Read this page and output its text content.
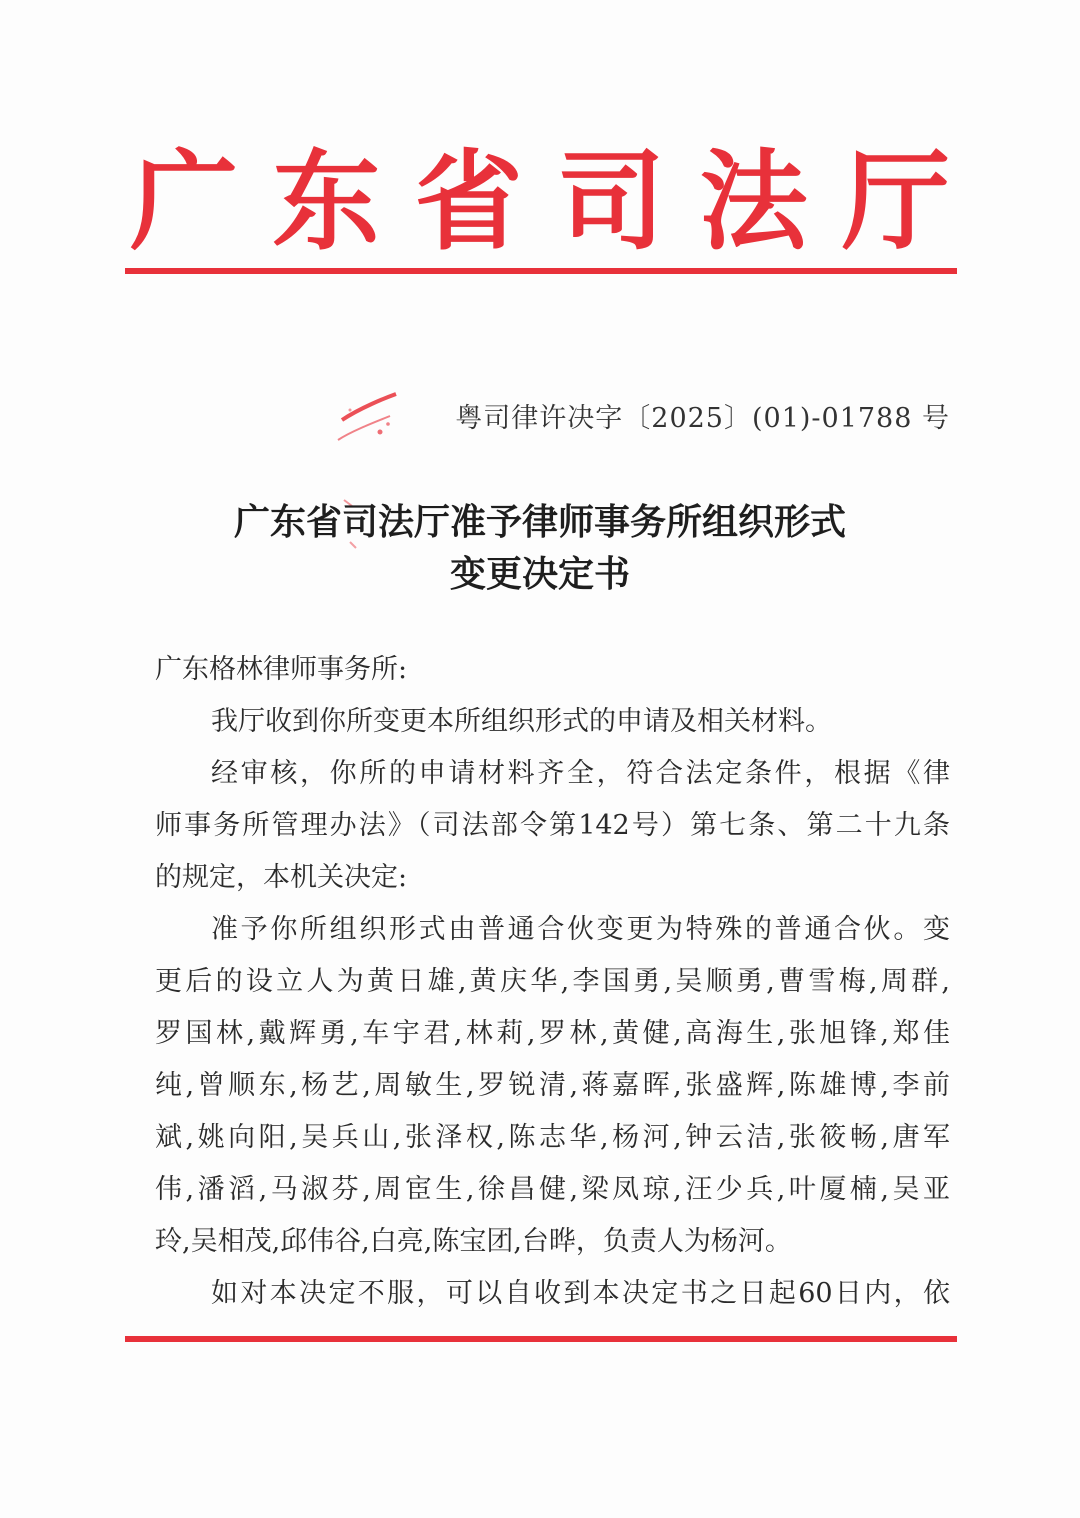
广 东 省 司 法 厅
粤司律许决字〔2025〕(01)-01788 号
广东省司法厅准予律师事务所组织形式
变更决定书
广东格林律师事务所:
我厅收到你所变更本所组织形式的申请及相关材料。
经审核，你所的申请材料齐全，符合法定条件，根据《律
师事务所管理办法》（司法部令第142号）第七条、第二十九条
的规定，本机关决定:
准予你所组织形式由普通合伙变更为特殊的普通合伙。变
更后的设立人为黄日雄,黄庆华,李国勇,吴顺勇,曹雪梅,周群,
罗国林,戴辉勇,车宇君,林莉,罗林,黄健,高海生,张旭锋,郑佳
纯,曾顺东,杨艺,周敏生,罗锐清,蒋嘉晖,张盛辉,陈雄博,李前
斌,姚向阳,吴兵山,张泽权,陈志华,杨河,钟云洁,张筱畅,唐军
伟,潘滔,马淑芬,周宦生,徐昌健,梁凤琼,汪少兵,叶厦楠,吴亚
玲,吴相茂,邱伟谷,白亮,陈宝团,台晔，负责人为杨河。
如对本决定不服，可以自收到本决定书之日起60日内，依
